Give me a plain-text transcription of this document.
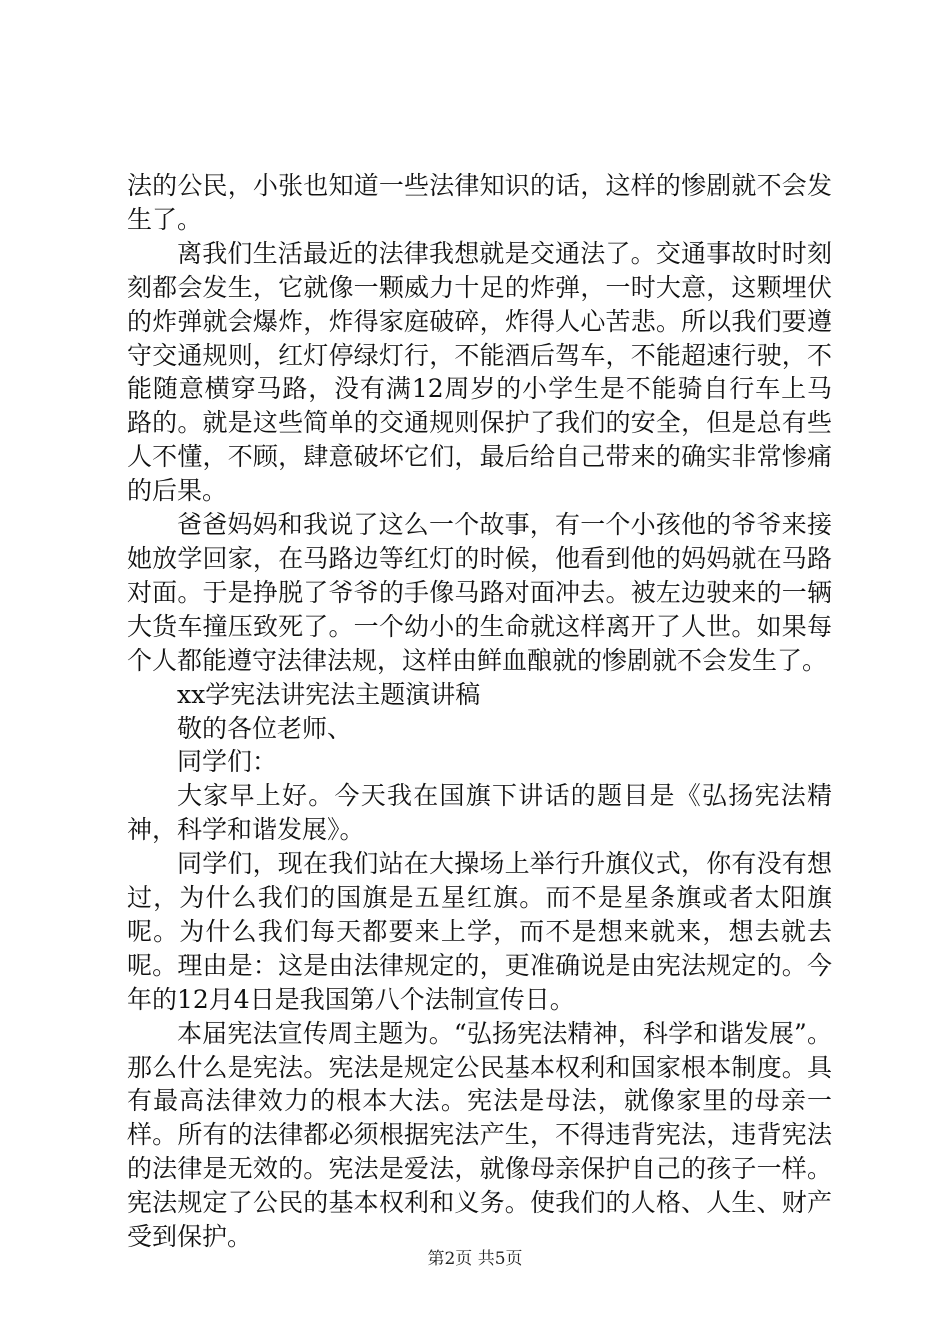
法的公民，小张也知道一些法律知识的话，这样的惨剧就不会发生了。

离我们生活最近的法律我想就是交通法了。交通事故时时刻刻都会发生，它就像一颗威力十足的炸弹，一时大意，这颗埋伏的炸弹就会爆炸，炸得家庭破碎，炸得人心苦悲。所以我们要遵守交通规则，红灯停绿灯行，不能酒后驾车，不能超速行驶，不能随意横穿马路，没有满12周岁的小学生是不能骑自行车上马路的。就是这些简单的交通规则保护了我们的安全，但是总有些人不懂，不顾，肆意破坏它们，最后给自己带来的确实非常惨痛的后果。

爸爸妈妈和我说了这么一个故事，有一个小孩他的爷爷来接她放学回家，在马路边等红灯的时候，他看到他的妈妈就在马路对面。于是挣脱了爷爷的手像马路对面冲去。被左边驶来的一辆大货车撞压致死了。一个幼小的生命就这样离开了人世。如果每个人都能遵守法律法规，这样由鲜血酿就的惨剧就不会发生了。

xx学宪法讲宪法主题演讲稿

敬的各位老师、

同学们：

大家早上好。今天我在国旗下讲话的题目是《弘扬宪法精神，科学和谐发展》。

同学们，现在我们站在大操场上举行升旗仪式，你有没有想过，为什么我们的国旗是五星红旗。而不是星条旗或者太阳旗呢。为什么我们每天都要来上学，而不是想来就来，想去就去呢。理由是：这是由法律规定的，更准确说是由宪法规定的。今年的12月4日是我国第八个法制宣传日。

本届宪法宣传周主题为。“弘扬宪法精神，科学和谐发展”。那么什么是宪法。宪法是规定公民基本权利和国家根本制度。具有最高法律效力的根本大法。宪法是母法，就像家里的母亲一样。所有的法律都必须根据宪法产生，不得违背宪法，违背宪法的法律是无效的。宪法是爱法，就像母亲保护自己的孩子一样。宪法规定了公民的基本权利和义务。使我们的人格、人生、财产受到保护。

第2页 共5页
